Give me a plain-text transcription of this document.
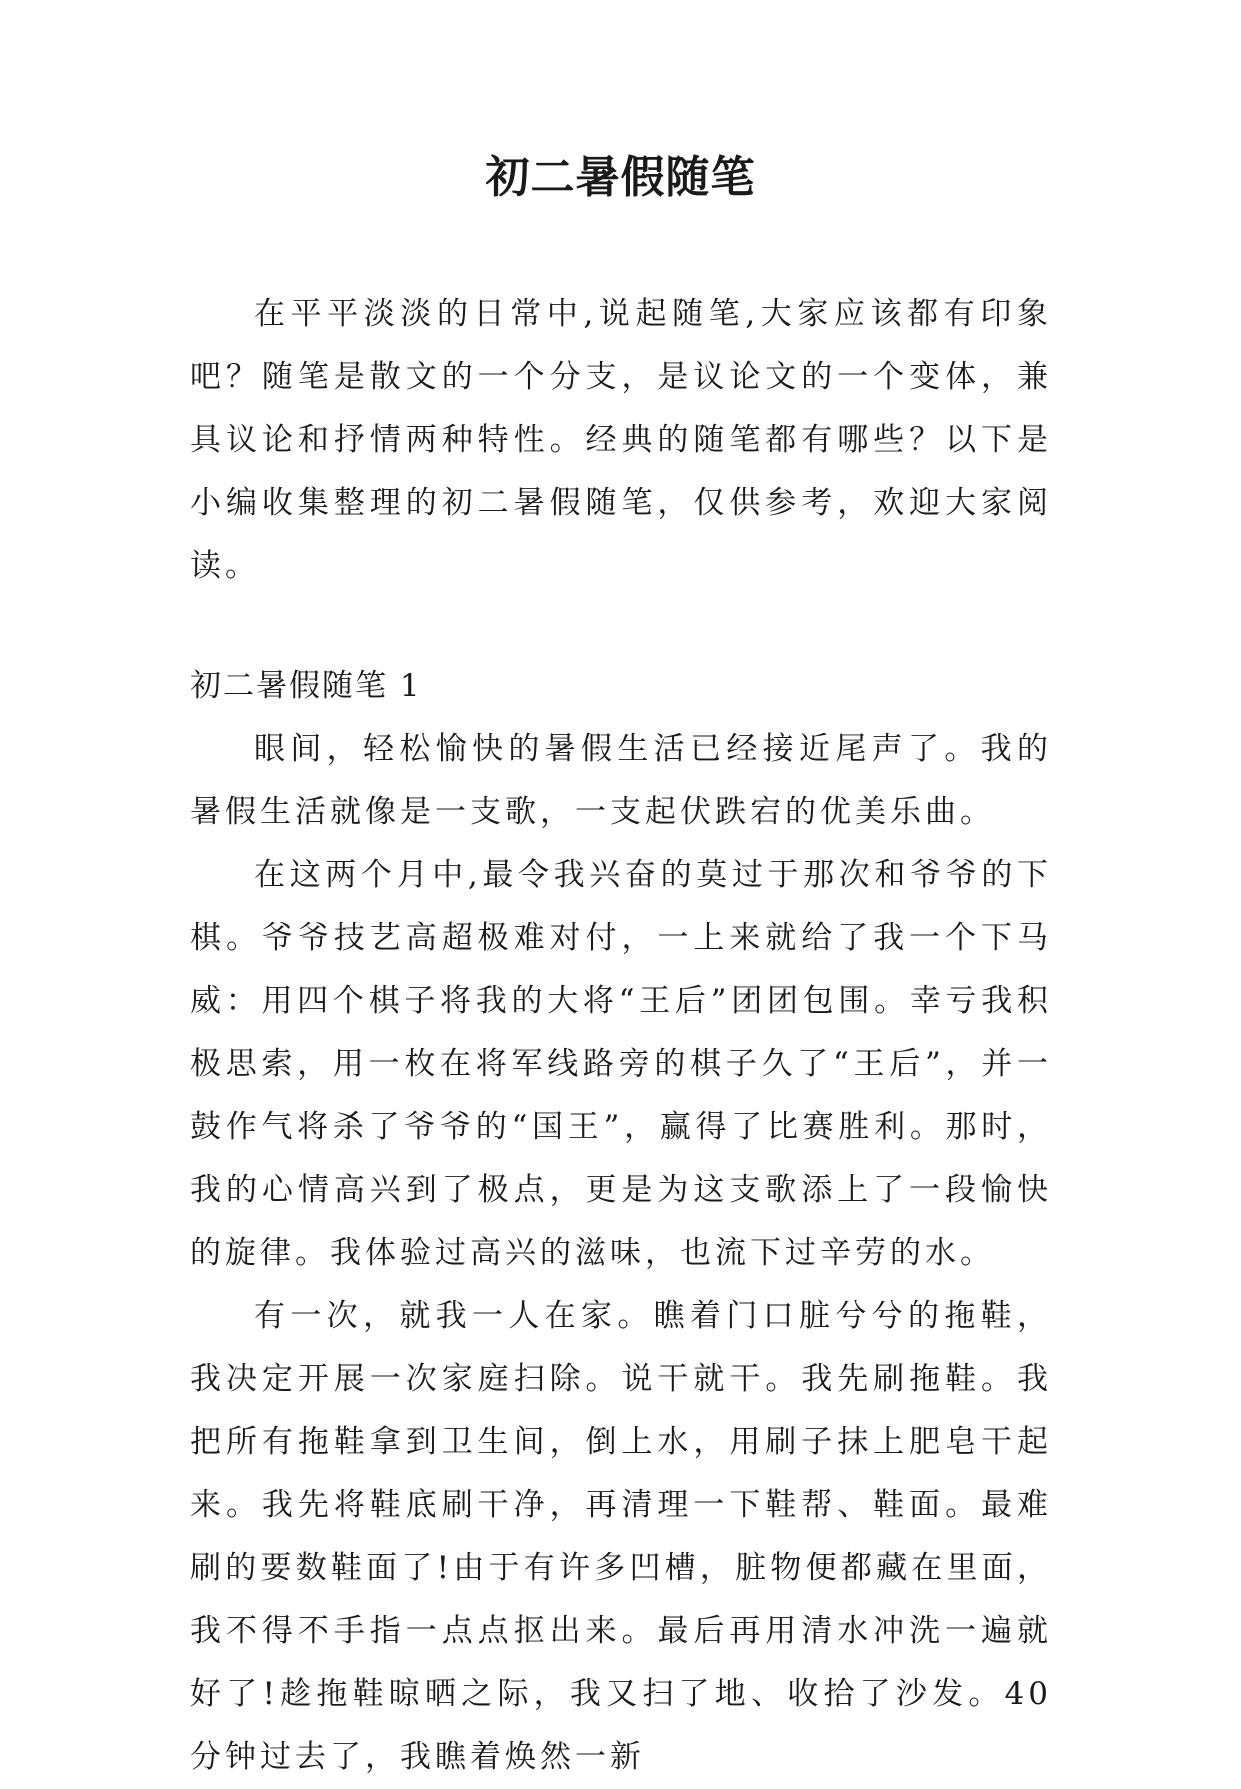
初二暑假随笔

在平平淡淡的日常中,说起随笔,大家应该都有印象吧？随笔是散文的一个分支，是议论文的一个变体，兼具议论和抒情两种特性。经典的随笔都有哪些？以下是小编收集整理的初二暑假随笔，仅供参考，欢迎大家阅读。

初二暑假随笔 1

眼间，轻松愉快的暑假生活已经接近尾声了。我的暑假生活就像是一支歌，一支起伏跌宕的优美乐曲。

在这两个月中,最令我兴奋的莫过于那次和爷爷的下棋。爷爷技艺高超极难对付，一上来就给了我一个下马威：用四个棋子将我的大将“王后”团团包围。幸亏我积极思索，用一枚在将军线路旁的棋子久了“王后”，并一鼓作气将杀了爷爷的“国王”，赢得了比赛胜利。那时，我的心情高兴到了极点，更是为这支歌添上了一段愉快的旋律。我体验过高兴的滋味，也流下过辛劳的水。

有一次，就我一人在家。瞧着门口脏兮兮的拖鞋，我决定开展一次家庭扫除。说干就干。我先刷拖鞋。我把所有拖鞋拿到卫生间，倒上水，用刷子抹上肥皂干起来。我先将鞋底刷干净，再清理一下鞋帮、鞋面。最难刷的要数鞋面了!由于有许多凹槽，脏物便都藏在里面，我不得不手指一点点抠出来。最后再用清水冲洗一遍就好了!趁拖鞋晾晒之际，我又扫了地、收拾了沙发。40 分钟过去了，我瞧着焕然一新
